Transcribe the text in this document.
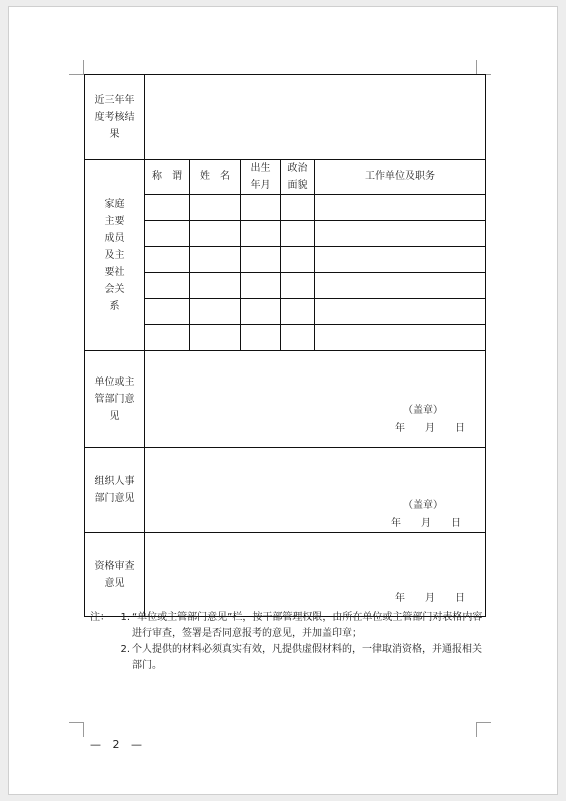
近三年年度考核结果					
家庭主要成员及主要社会关系	称　谓	姓　名	出生年月	政治面貌	工作单位及职务

单位或主管部门意见	（盖章）
年　　月　　日				

组织人事部门意见	（盖章）
年　　月　　日				

资格审查意见	年　　月　　日				
注：	1. “单位或主管部门意见”栏，按干部管理权限，由所在单位或主管部门对表格内容进行审查，签署是否同意报考的意见，并加盖印章；
2. 个人提供的材料必须真实有效，凡提供虚假材料的，一律取消资格，并通报相关部门。
— 2 —
